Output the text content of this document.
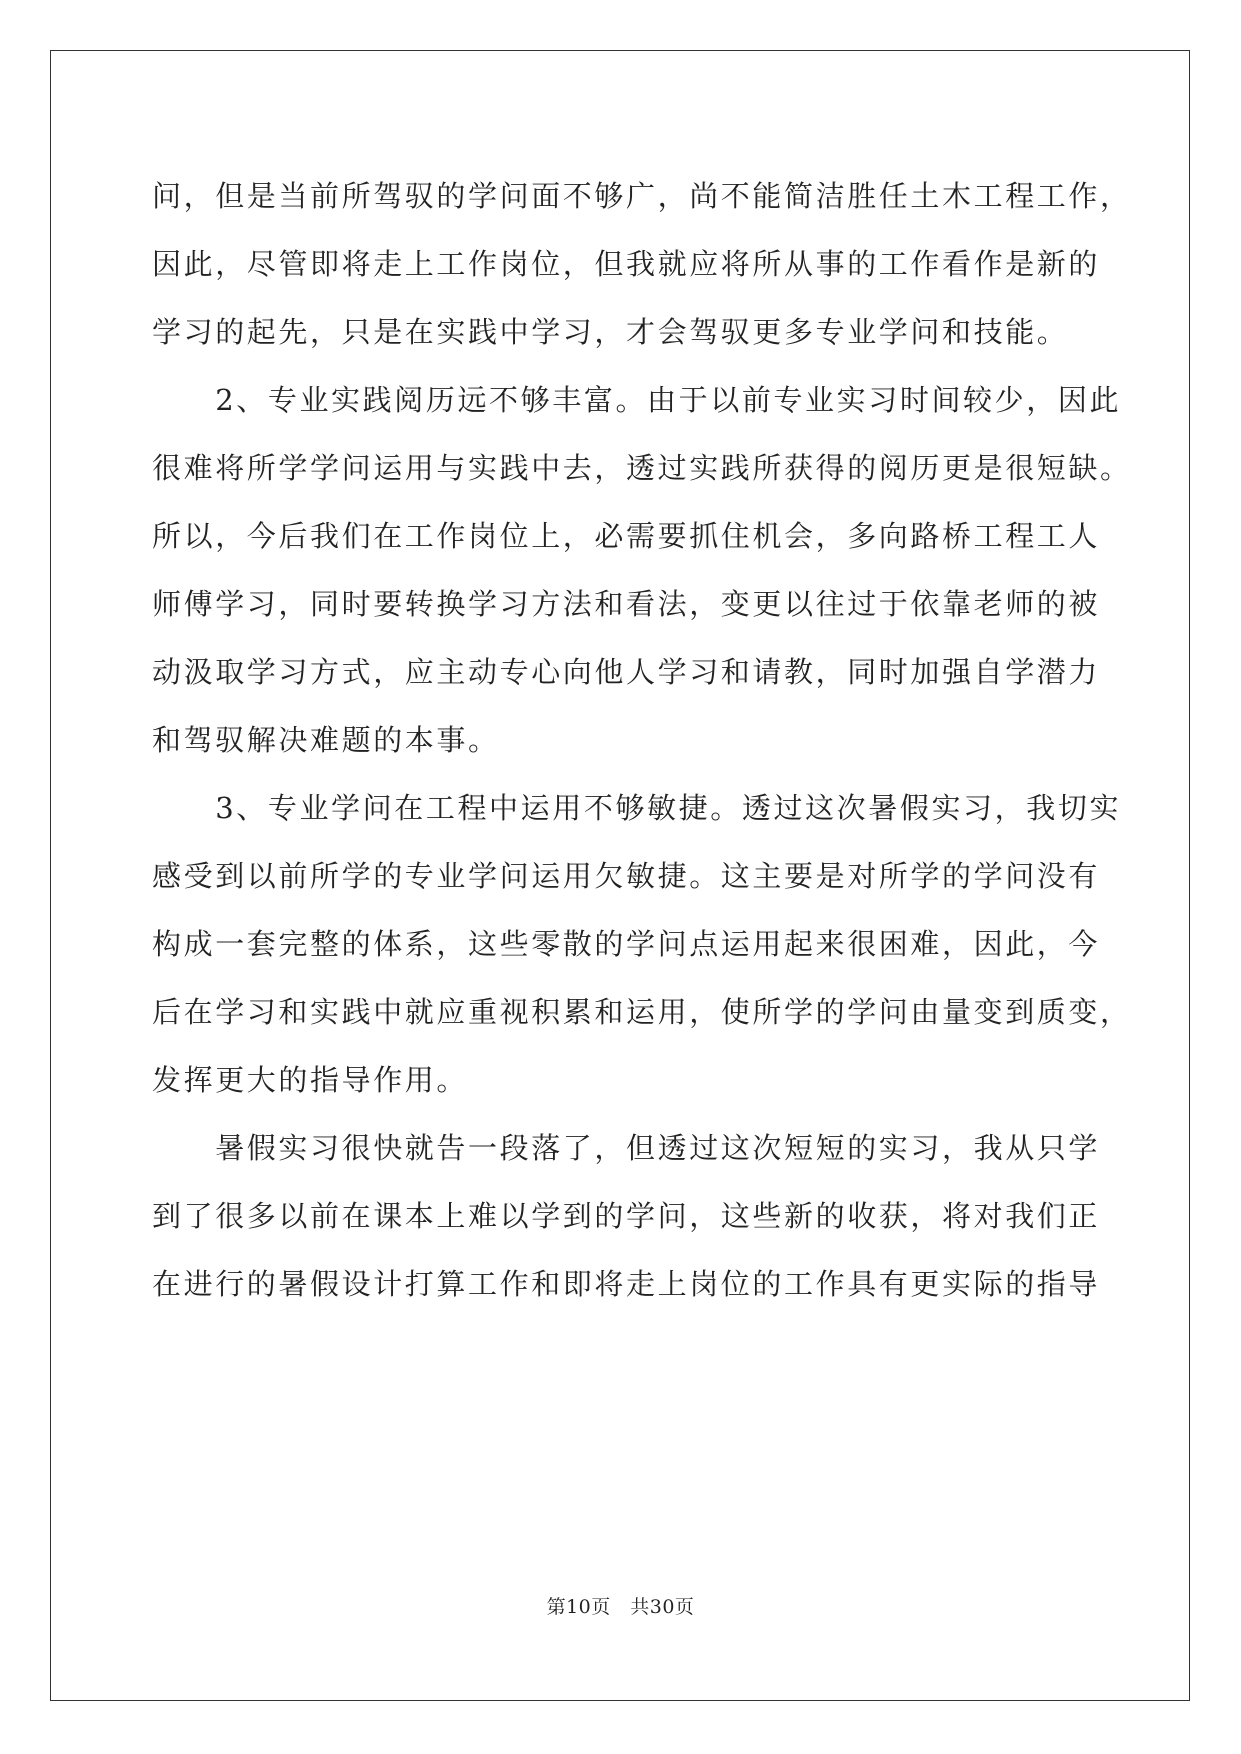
问，但是当前所驾驭的学问面不够广，尚不能简洁胜任土木工程工作，
因此，尽管即将走上工作岗位，但我就应将所从事的工作看作是新的
学习的起先，只是在实践中学习，才会驾驭更多专业学问和技能。
　　2、专业实践阅历远不够丰富。由于以前专业实习时间较少，因此
很难将所学学问运用与实践中去，透过实践所获得的阅历更是很短缺。
所以，今后我们在工作岗位上，必需要抓住机会，多向路桥工程工人
师傅学习，同时要转换学习方法和看法，变更以往过于依靠老师的被
动汲取学习方式，应主动专心向他人学习和请教，同时加强自学潜力
和驾驭解决难题的本事。
　　3、专业学问在工程中运用不够敏捷。透过这次暑假实习，我切实
感受到以前所学的专业学问运用欠敏捷。这主要是对所学的学问没有
构成一套完整的体系，这些零散的学问点运用起来很困难，因此，今
后在学习和实践中就应重视积累和运用，使所学的学问由量变到质变，
发挥更大的指导作用。
　　暑假实习很快就告一段落了，但透过这次短短的实习，我从只学
到了很多以前在课本上难以学到的学问，这些新的收获，将对我们正
在进行的暑假设计打算工作和即将走上岗位的工作具有更实际的指导
第10页　共30页
